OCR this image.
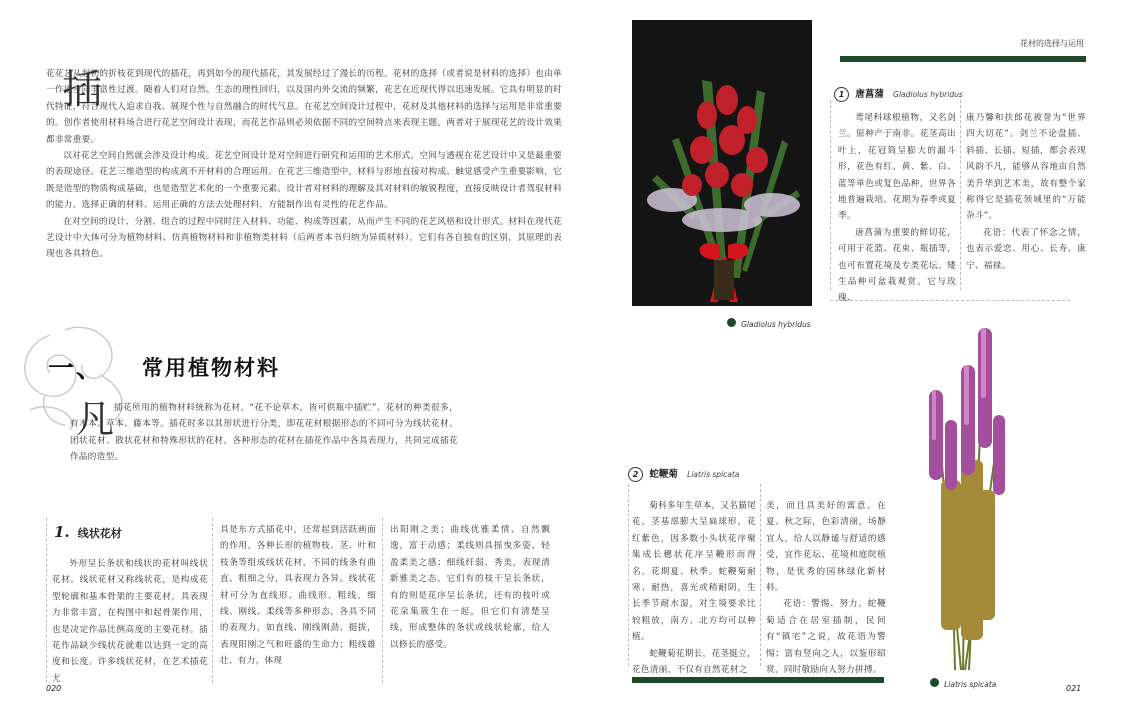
插

花花艺从起初的折枝花到现代的插花，再到如今的现代插花，其发展经过了漫长的历程。花材的选择（或者说是材料的选择）也由单一作道步向丰富性过渡。随着人们对自然、生态的理性回归，以及国内外交流的频繁，花艺在近现代得以迅速发展。它具有明显的时代特征，符合现代人追求自我、展现个性与自然融合的时代气息。在花艺空间设计过程中，花材及其他材料的选择与运用是非常重要的。创作者使用材料场合进行花艺空间设计表现，而花艺作品则必须依据不同的空间特点来表现主题，两者对于展现花艺的设计效果都非常重要。

以对花艺空间自然就会涉及设计构成。花艺空间设计是对空间进行研究和运用的艺术形式，空间与透视在花艺设计中又是最重要的表现途径。花艺三维造型的构成离不开材料的合理运用。在花艺三维造型中，材料与形地直接对构成、触觉感受产生重要影响，它既是造型的物质构成基础，也是造型艺术化的一个重要元素。设计者对材料的理解及其对材料的敏锐程度，直接反映设计者驾驭材料的能力。选择正确的材料、运用正确的方法去处理材料，方能制作出有灵性的花艺作品。

在对空间的设计、分割、组合的过程中同时注入材料、功能、构成等因素，从而产生不同的花艺风格和设计形式。材料在现代花艺设计中大体可分为植物材料、仿真植物材料和非植物类材料（后两者本书归纳为异质材料），它们有各自独有的区别，其原理的表现也各具特色。

一、 常用植物材料
凡 插花所用的植物材料统称为花材。“花不论草木，皆可供瓶中插贮”。花材的种类很多，有木本、草本、藤本等。插花时多以其形状进行分类，即花花材根据形态的不同可分为线状花材、团状花材、散状花材和特殊形状的花材。各种形态的花材在插花作品中各具表现力，共同完成插花作品的造型。

1. 线状花材

外形呈长条状和线状的花材叫线状花材。线状花材又称线状花，是构成花型轮廓和基本骨架的主要花材，具表现力非常丰富，在构图中和起骨架作用，也是决定作品比例高度的主要花材。插花作品缺少线状花就难以达到一定的高度和长度。许多线状花材，在艺术插花尤

具是东方式插花中，还常起到活跃画面的作用。各种长形的植物枝、茎、叶和枝条等组成线状花材，不同的线条有曲直、粗细之分，具表现力各异。线状花材可分为直线形、曲线形、粗线、细线、刚线、柔线等多种形态，各具不同的表现力，如直线、刚线刚劲、挺拔，表现阳刚之气和旺盛的生命力；粗线雄壮、有力，体现

出阳刚之美；曲线优雅柔情、自然飘逸，富于动感；柔线则具摇曳多姿、轻盈柔美之感；细线纤弱、秀美，表现清新雅美之态。它们有的枝干呈长条状，有的则是花序呈长条状，还有的枝叶或花朵集簇生在一起，但它们有清楚呈线，形成整体的条状或线状轮廓，给人以修长的感受。

020
花材的选择与运用
Gladiolus hybridus
1 唐菖蒲 Gladiolus hybridus

鸢尾科球根植物，又名剑兰。原种产于南非。花茎高出叶上，花冠筒呈膨大的漏斗形，花色有红、黄、紫、白、蓝等单色或复色品种，世界各地普遍栽培。花期为春季或夏季。

唐菖蒲为重要的鲜切花，可用于花篮、花束、瓶插等，也可布置花境及专类花坛。矮生品种可盆栽观赏。它与玫瑰、

康乃馨和扶郎花被誉为“世界四大切花”。剑兰不论盘插、斜插、长插、短插，都会表现风韵不凡，能够从容地由自然美升华到艺术美，故有整个家称得它是插花领域里的“万能杂斗”。

花语：代表了怀念之情，也表示爱恋、用心、长寿、康宁、福禄。

Liatris spicata
2 蛇鞭菊 Liatris spicata

菊科多年生草本，又名猫尾花。茎基部膨大呈扁球形，花红紫色，因多数小头状花序聚集成长穗状花序呈鞭形而得名。花期夏、秋季。蛇鞭菊耐寒、耐热，喜光或稍耐阴，生长季节耐水湿，对生境要求比较粗放，南方、北方均可以种植。

蛇鞭菊花期长，花茎挺立，花色清丽，不仅有自然花材之

美，而且具美好的寓意。在夏、秋之际，色彩清丽，场静宜人，给人以静谧与舒适的感受，宜作花坛、花境和庭院植物，是优秀的园林绿化新材料。

花语：警惕、努力。蛇鞭菊适合在居室插制，民间有“镇宅”之说，故花语为警惕；富有竖向之人，以鉴形昭赏，同时敬励向人努力拼搏。

021
